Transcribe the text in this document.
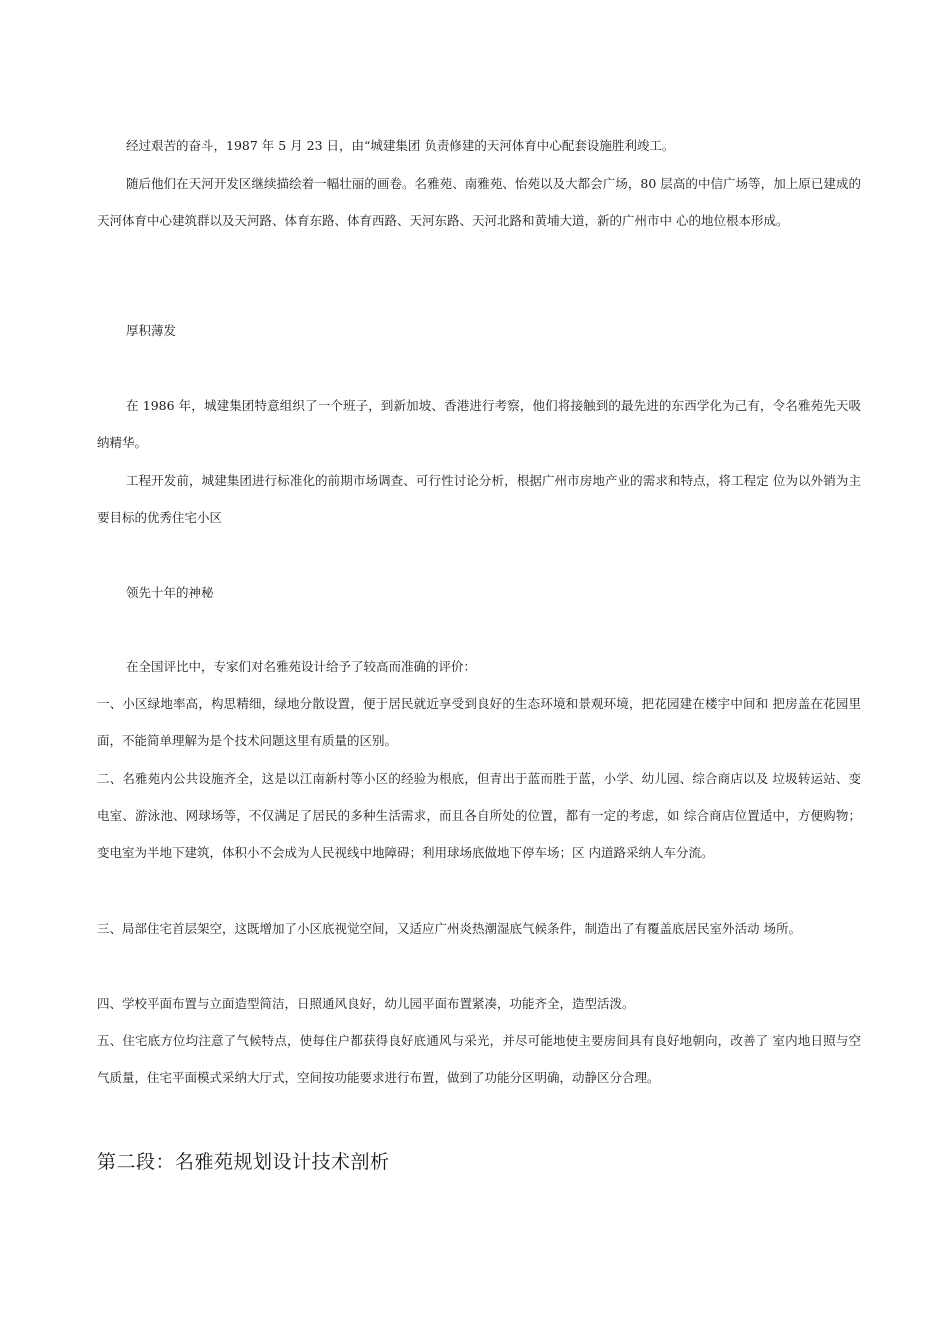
经过艰苦的奋斗，1987 年 5 月 23 日，由“城建集团 负责修建的天河体育中心配套设施胜利竣工。
随后他们在天河开发区继续描绘着一幅壮丽的画卷。名雅苑、南雅苑、怡苑以及大都会广场，80 层高的中信广场等，加上原已建成的天河体育中心建筑群以及天河路、体育东路、体育西路、天河东路、天河北路和黄埔大道，新的广州市中 心的地位根本形成。
厚积薄发
在 1986 年，城建集团特意组织了一个班子，到新加坡、香港进行考察，他们将接触到的最先进的东西学化为己有，令名雅苑先天吸纳精华。
工程开发前，城建集团进行标准化的前期市场调查、可行性讨论分析，根据广州市房地产业的需求和特点，将工程定 位为以外销为主要目标的优秀住宅小区
领先十年的神秘
在全国评比中，专家们对名雅苑设计给予了较高而准确的评价：
一、小区绿地率高，构思精细，绿地分散设置，便于居民就近享受到良好的生态环境和景观环境，把花园建在楼宇中间和 把房盖在花园里面，不能简单理解为是个技术问题这里有质量的区别。
二、名雅苑内公共设施齐全，这是以江南新村等小区的经验为根底，但青出于蓝而胜于蓝，小学、幼儿园、综合商店以及 垃圾转运站、变电室、游泳池、网球场等，不仅满足了居民的多种生活需求，而且各自所处的位置，都有一定的考虑，如 综合商店位置适中，方便购物；变电室为半地下建筑，体积小不会成为人民视线中地障碍；利用球场底做地下停车场；区 内道路采纳人车分流。
三、局部住宅首层架空，这既增加了小区底视觉空间，又适应广州炎热潮湿底气候条件，制造出了有覆盖底居民室外活动 场所。
四、学校平面布置与立面造型简洁，日照通风良好，幼儿园平面布置紧凑，功能齐全，造型活泼。
五、住宅底方位均注意了气候特点，使每住户都获得良好底通风与采光，并尽可能地使主要房间具有良好地朝向，改善了 室内地日照与空气质量，住宅平面模式采纳大厅式，空间按功能要求进行布置，做到了功能分区明确，动静区分合理。
第二段：名雅苑规划设计技术剖析
